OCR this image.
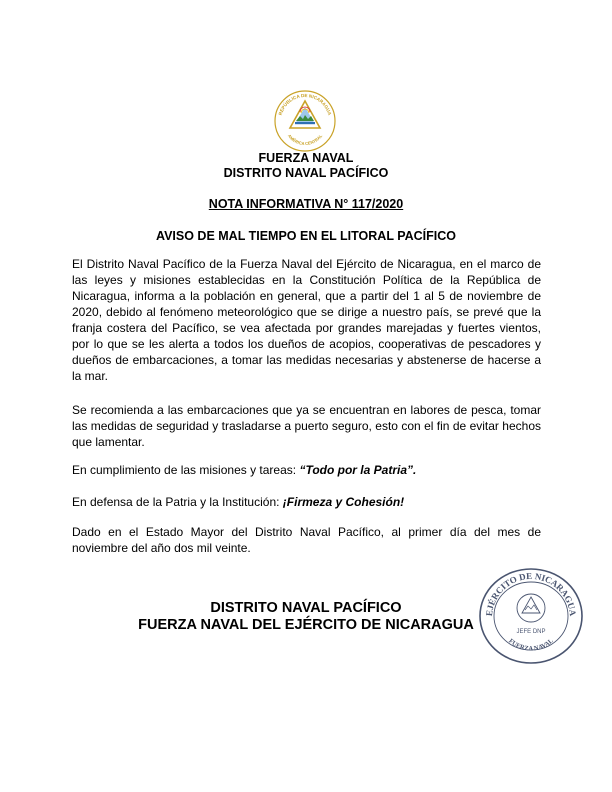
REPÚBLICA DE NICARAGUA
AMÉRICA CENTRAL
FUERZA NAVAL
DISTRITO NAVAL PACÍFICO
NOTA INFORMATIVA N° 117/2020
AVISO DE MAL TIEMPO EN EL LITORAL PACÍFICO

El Distrito Naval Pacífico de la Fuerza Naval del Ejército de Nicaragua, en el marco de las leyes y misiones establecidas en la Constitución Política de la República de Nicaragua, informa a la población en general, que a partir del 1 al 5 de noviembre de 2020, debido al fenómeno meteorológico que se dirige a nuestro país, se prevé que la franja costera del Pacífico, se vea afectada por grandes marejadas y fuertes vientos, por lo que se les alerta a todos los dueños de acopios, cooperativas de pescadores y dueños de embarcaciones, a tomar las medidas necesarias y abstenerse de hacerse a la mar.

Se recomienda a las embarcaciones que ya se encuentran en labores de pesca, tomar las medidas de seguridad y trasladarse a puerto seguro, esto con el fin de evitar hechos que lamentar.

En cumplimiento de las misiones y tareas: “Todo por la Patria”.

En defensa de la Patria y la Institución: ¡Firmeza y Cohesión!

Dado en el Estado Mayor del Distrito Naval Pacífico, al primer día del mes de noviembre del año dos mil veinte.

DISTRITO NAVAL PACÍFICO
FUERZA NAVAL DEL EJÉRCITO DE NICARAGUA
EJÉRCITO DE NICARAGUA
FUERZA NAVAL
JEFE DNP
